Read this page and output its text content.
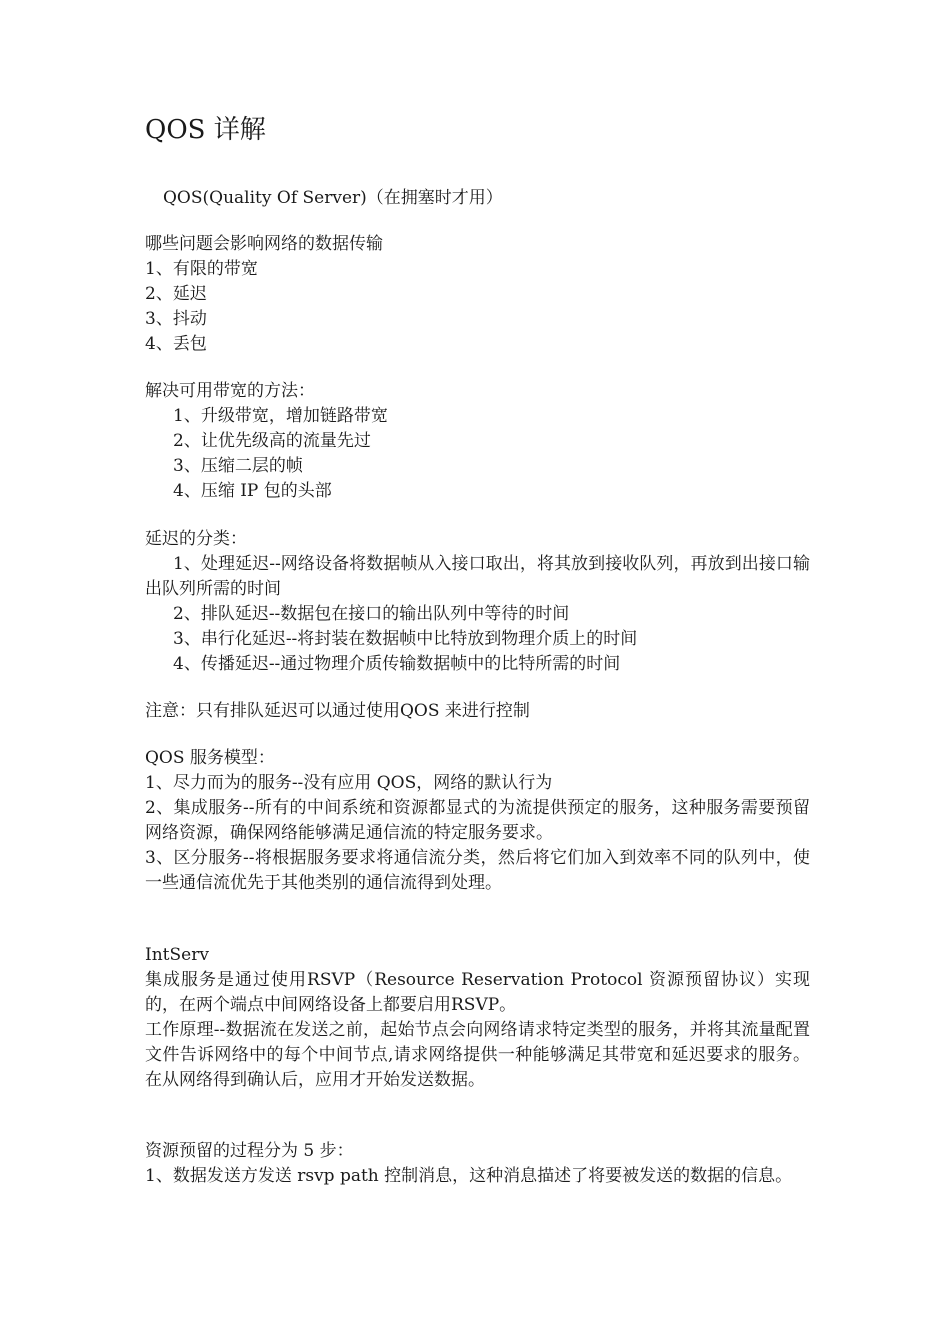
QOS 详解
QOS(Quality Of Server)（在拥塞时才用）
哪些问题会影响网络的数据传输
1、有限的带宽
2、延迟
3、抖动
4、丢包
解决可用带宽的方法：
1、升级带宽，增加链路带宽
2、让优先级高的流量先过
3、压缩二层的帧
4、压缩 IP 包的头部
延迟的分类：
1、处理延迟--网络设备将数据帧从入接口取出，将其放到接收队列，再放到出接口输出队列所需的时间
2、排队延迟--数据包在接口的输出队列中等待的时间
3、串行化延迟--将封装在数据帧中比特放到物理介质上的时间
4、传播延迟--通过物理介质传输数据帧中的比特所需的时间
注意：只有排队延迟可以通过使用QOS 来进行控制
QOS 服务模型：
1、尽力而为的服务--没有应用 QOS，网络的默认行为
2、集成服务--所有的中间系统和资源都显式的为流提供预定的服务，这种服务需要预留网络资源，确保网络能够满足通信流的特定服务要求。
3、区分服务--将根据服务要求将通信流分类，然后将它们加入到效率不同的队列中，使一些通信流优先于其他类别的通信流得到处理。
IntServ
集成服务是通过使用RSVP（Resource Reservation Protocol 资源预留协议）实现的，在两个端点中间网络设备上都要启用RSVP。
工作原理--数据流在发送之前，起始节点会向网络请求特定类型的服务，并将其流量配置文件告诉网络中的每个中间节点,请求网络提供一种能够满足其带宽和延迟要求的服务。在从网络得到确认后，应用才开始发送数据。
资源预留的过程分为 5 步：
1、数据发送方发送 rsvp path 控制消息，这种消息描述了将要被发送的数据的信息。
